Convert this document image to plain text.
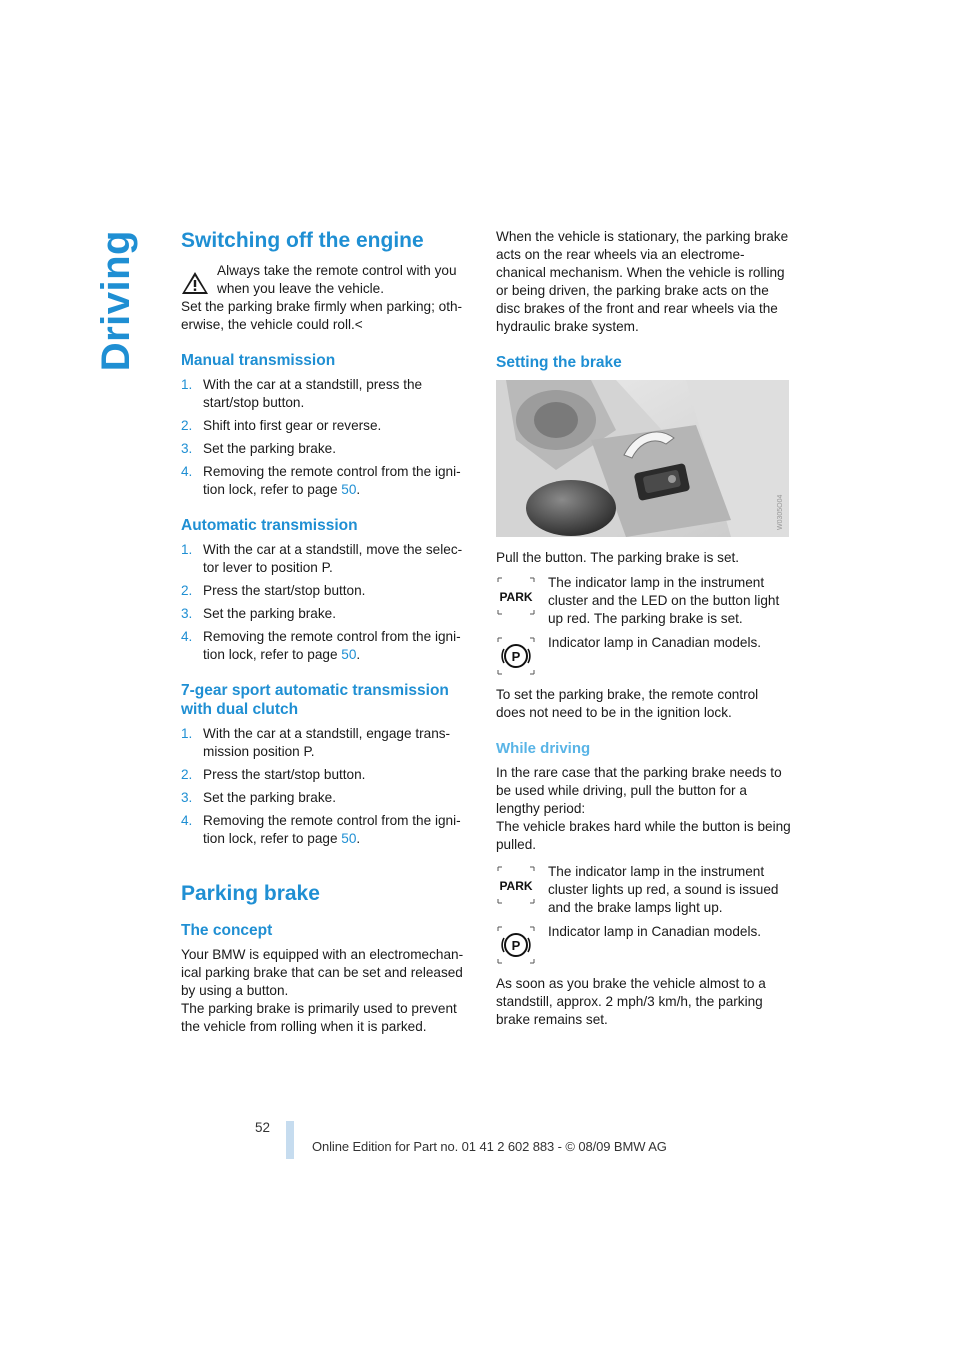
Driving Switching off the engine

Always take the remote control with you

when you leave the vehicle.

Set the parking brake firmly when parking; oth-erwise, the vehicle could roll.<

Manual transmission
1. With the car at a standstill, press the start/stop button.
2. Shift into first gear or reverse.
3. Set the parking brake.
4. Removing the remote control from the igni-tion lock, refer to page 50.
Automatic transmission
1. With the car at a standstill, move the selec-tor lever to position P.
2. Press the start/stop button.
3. Set the parking brake.
4. Removing the remote control from the igni-tion lock, refer to page 50.
7-gear sport automatic transmission with dual clutch
1. With the car at a standstill, engage trans-mission position P.
2. Press the start/stop button.
3. Set the parking brake.
4. Removing the remote control from the igni-tion lock, refer to page 50.
Parking brake
The concept

Your BMW is equipped with an electromechan-ical parking brake that can be set and released by using a button.

The parking brake is primarily used to prevent the vehicle from rolling when it is parked.

When the vehicle is stationary, the parking brake acts on the rear wheels via an electrome-chanical mechanism. When the vehicle is rolling or being driven, the parking brake acts on the disc brakes of the front and rear wheels via the hydraulic brake system.

Setting the brake
W0305O04

Pull the button. The parking brake is set.

PARK

The indicator lamp in the instrument cluster and the LED on the button light up red. The parking brake is set.

P

Indicator lamp in Canadian models.

To set the parking brake, the remote control does not need to be in the ignition lock.

While driving

In the rare case that the parking brake needs to be used while driving, pull the button for a lengthy period:

The vehicle brakes hard while the button is being pulled.

PARK

The indicator lamp in the instrument cluster lights up red, a sound is issued and the brake lamps light up.

P

Indicator lamp in Canadian models.

As soon as you brake the vehicle almost to a standstill, approx. 2 mph/3 km/h, the parking brake remains set.

52
Online Edition for Part no. 01 41 2 602 883 - © 08/09 BMW AG
